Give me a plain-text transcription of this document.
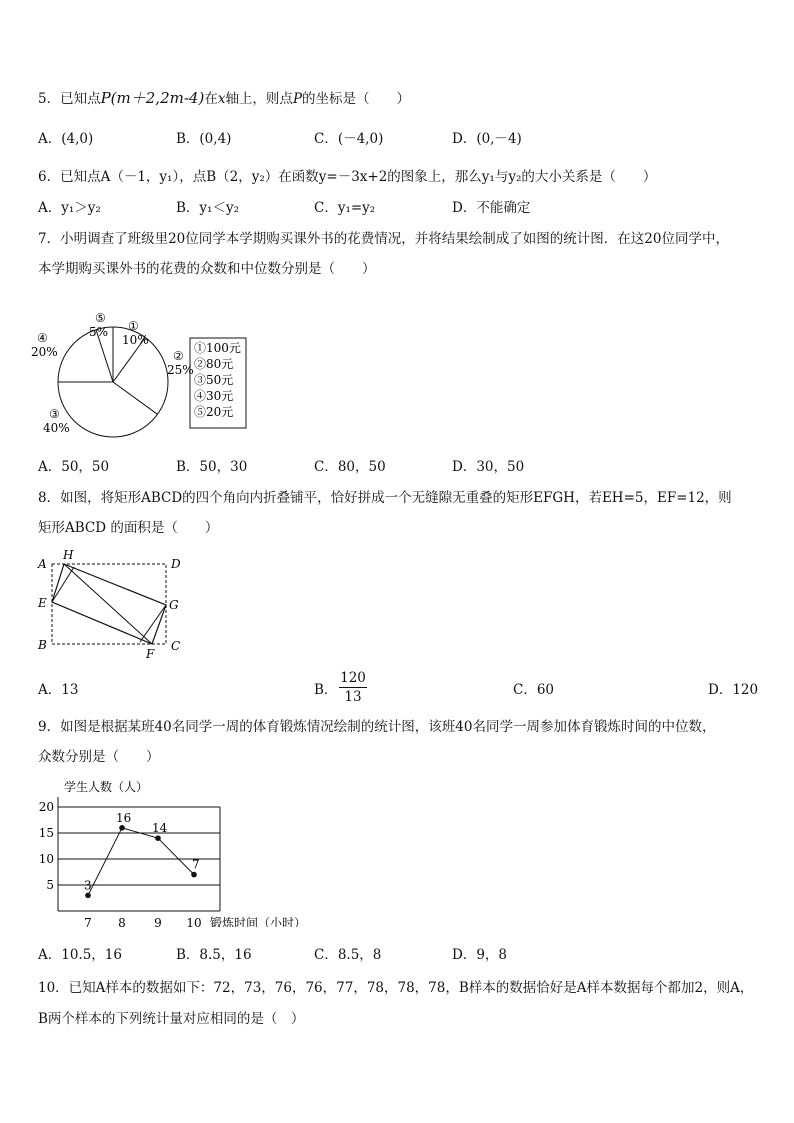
5．已知点P(m＋2,2m-4)在x轴上，则点P的坐标是（　　）
A．(4,0)	B．(0,4)	C．(－4,0)	D．(0,－4)
6．已知点A（－1，y₁），点B（2，y₂）在函数y=－3x+2的图象上，那么y₁与y₂的大小关系是（　　）
A．y₁＞y₂	B．y₁＜y₂	C．y₁=y₂	D．不能确定
7．小明调查了班级里20位同学本学期购买课外书的花费情况，并将结果绘制成了如图的统计图．在这20位同学中，
本学期购买课外书的花费的众数和中位数分别是（　　）
①
10%
②
25%
③
40%
④
20%
⑤
5%
①100元
②80元
③50元
④30元
⑤20元
A．50，50	B．50，30	C．80，50	D．30，50
8．如图，将矩形ABCD的四个角向内折叠铺平，恰好拼成一个无缝隙无重叠的矩形EFGH，若EH=5，EF=12，则
矩形ABCD 的面积是（　　）
A
H
D
E	G
B
F
C
A．13	B．
120
13	C．60	D．120
9．如图是根据某班40名同学一周的体育锻炼情况绘制的统计图，该班40名同学一周参加体育锻炼时间的中位数，
众数分别是（　　）
5
10
15
20
3
7
16
8
14
9
7
10
学生人数（人）
锻炼时间（小时）
A．10.5，16	B．8.5，16	C．8.5，8	D．9，8
10．已知A样本的数据如下：72，73，76，76，77，78，78，78，B样本的数据恰好是A样本数据每个都加2，则A，
B两个样本的下列统计量对应相同的是（　）
